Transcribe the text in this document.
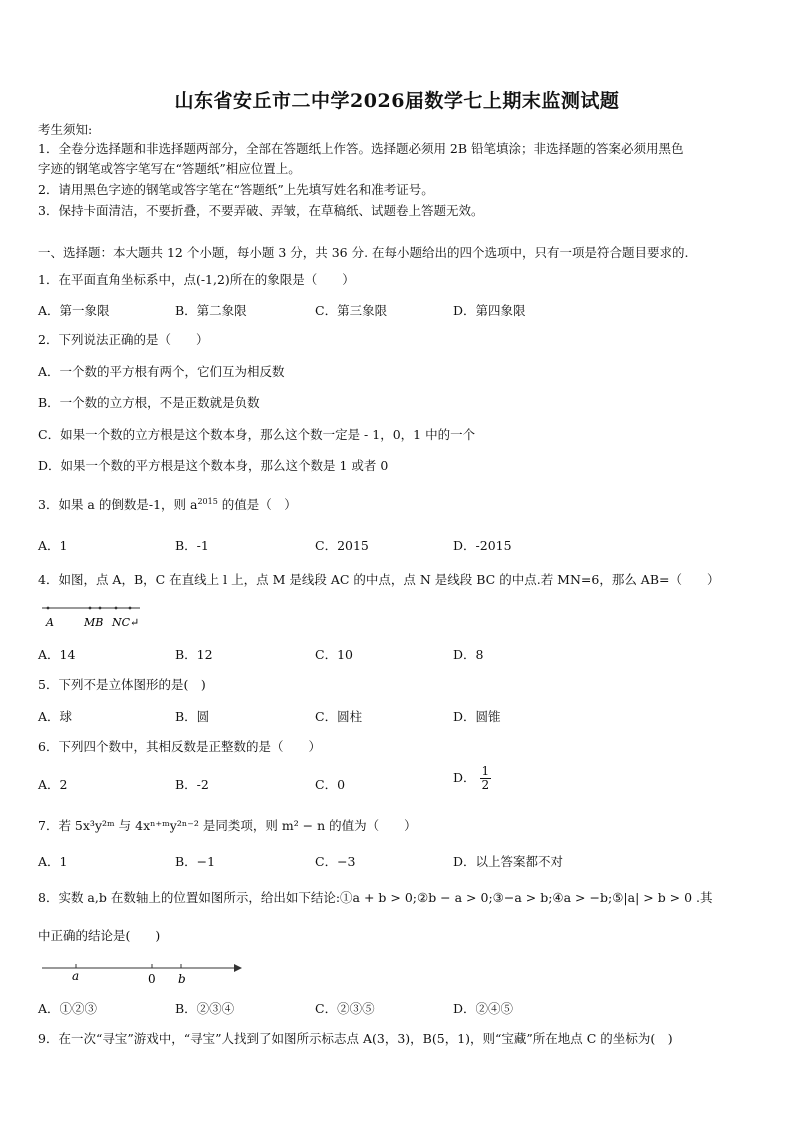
山东省安丘市二中学2026届数学七上期末监测试题
考生须知:
1．全卷分选择题和非选择题两部分，全部在答题纸上作答。选择题必须用 2B 铅笔填涂；非选择题的答案必须用黑色
字迹的钢笔或答字笔写在“答题纸”相应位置上。
2．请用黑色字迹的钢笔或答字笔在“答题纸”上先填写姓名和准考证号。
3．保持卡面清洁，不要折叠，不要弄破、弄皱，在草稿纸、试题卷上答题无效。
一、选择题：本大题共 12 个小题，每小题 3 分，共 36 分. 在每小题给出的四个选项中，只有一项是符合题目要求的.
1．在平面直角坐标系中，点(-1,2)所在的象限是（　　）
A．第一象限	B．第二象限	C．第三象限	D．第四象限
2．下列说法正确的是（　　）
A．一个数的平方根有两个，它们互为相反数
B．一个数的立方根，不是正数就是负数
C．如果一个数的立方根是这个数本身，那么这个数一定是 - 1，0，1 中的一个
D．如果一个数的平方根是这个数本身，那么这个数是 1 或者 0
3．如果 a 的倒数是-1，则 $a^{2015}$ 的值是（　）
A．1	B．-1	C．2015	D．-2015
4．如图，点 A，B，C 在直线上 l 上，点 M 是线段 AC 的中点，点 N 是线段 BC 的中点.若 MN=6，那么 AB=（　　）
A	MB NC↵
A．14	B．12	C．10	D．8
5．下列不是立体图形的是(　)
A．球	B．圆	C．圆柱	D．圆锥
6．下列四个数中，其相反数是正整数的是（　　）
A．2	B．-2	C．0	D． $\frac{1}{2}$
7．若 5x³y²ᵐ 与 4xⁿ⁺ᵐy²ⁿ⁻² 是同类项，则 m² − n 的值为（　　）
A．1	B．−1	C．−3	D．以上答案都不对
8．实数 a,b 在数轴上的位置如图所示，给出如下结论:①a + b > 0;②b − a > 0;③−a > b;④a > −b;⑤|a| > b > 0 .其
中正确的结论是(　　)
a	0 b
A．①②③	B．②③④	C．②③⑤	D．②④⑤
9．在一次“寻宝”游戏中，“寻宝”人找到了如图所示标志点 A(3，3)，B(5，1)，则“宝藏”所在地点 C 的坐标为(　)
